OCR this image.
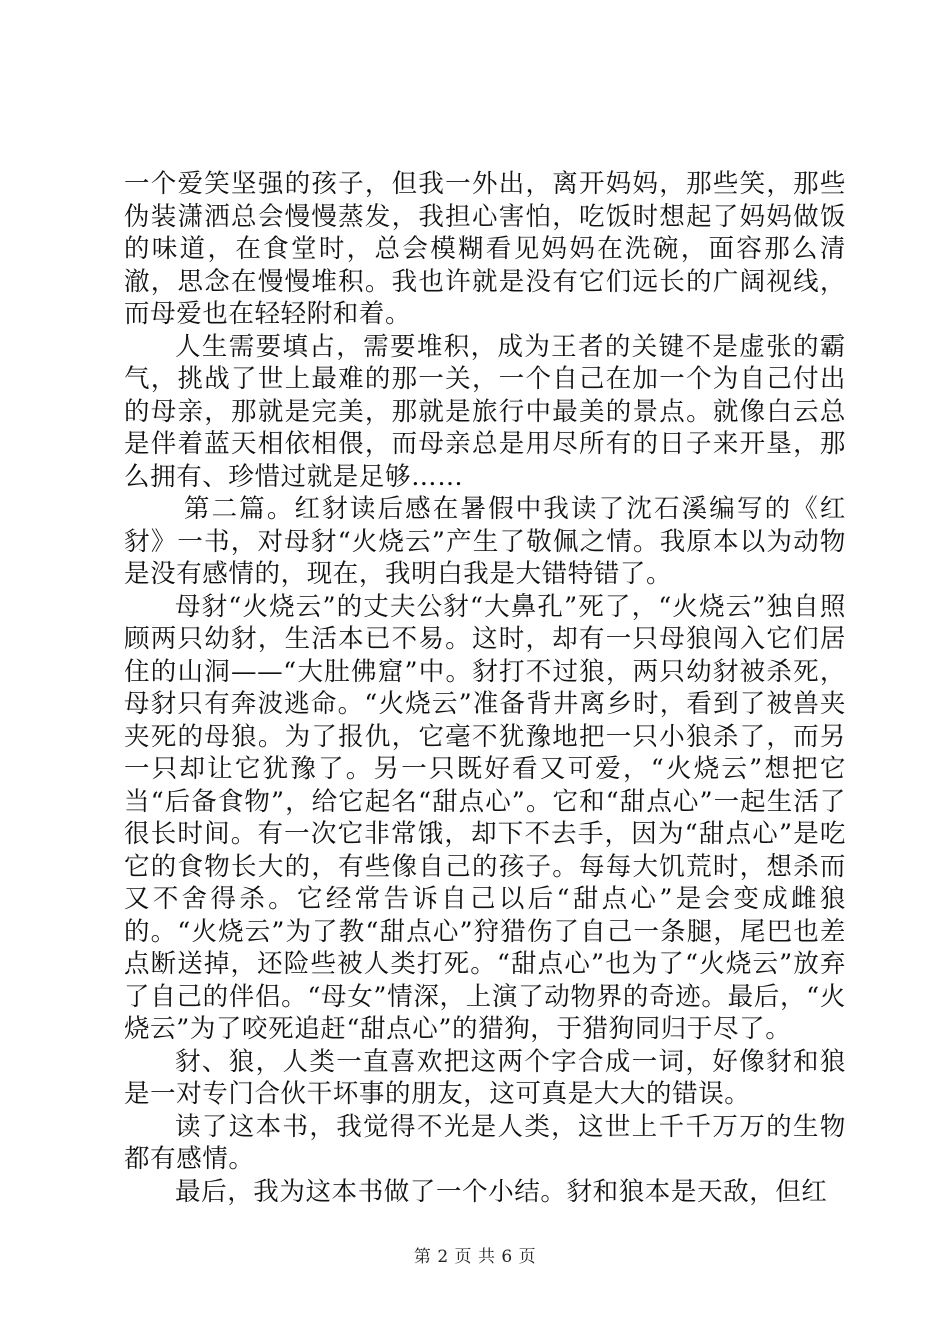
一个爱笑坚强的孩子，但我一外出，离开妈妈，那些笑，那些伪装潇洒总会慢慢蒸发，我担心害怕，吃饭时想起了妈妈做饭的味道，在食堂时，总会模糊看见妈妈在洗碗，面容那么清澈，思念在慢慢堆积。我也许就是没有它们远长的广阔视线，而母爱也在轻轻附和着。

人生需要填占，需要堆积，成为王者的关键不是虚张的霸气，挑战了世上最难的那一关，一个自己在加一个为自己付出的母亲，那就是完美，那就是旅行中最美的景点。就像白云总是伴着蓝天相依相偎，而母亲总是用尽所有的日子来开垦，那么拥有、珍惜过就是足够……

第二篇。红豺读后感在暑假中我读了沈石溪编写的《红豺》一书，对母豺“火烧云”产生了敬佩之情。我原本以为动物是没有感情的，现在，我明白我是大错特错了。

母豺“火烧云”的丈夫公豺“大鼻孔”死了，“火烧云”独自照顾两只幼豺，生活本已不易。这时，却有一只母狼闯入它们居住的山洞——“大肚佛窟”中。豺打不过狼，两只幼豺被杀死，母豺只有奔波逃命。“火烧云”准备背井离乡时，看到了被兽夹夹死的母狼。为了报仇，它毫不犹豫地把一只小狼杀了，而另一只却让它犹豫了。另一只既好看又可爱，“火烧云”想把它当“后备食物”，给它起名“甜点心”。它和“甜点心”一起生活了很长时间。有一次它非常饿，却下不去手，因为“甜点心”是吃它的食物长大的，有些像自己的孩子。每每大饥荒时，想杀而又不舍得杀。它经常告诉自己以后“甜点心”是会变成雌狼的。“火烧云”为了教“甜点心”狩猎伤了自己一条腿，尾巴也差点断送掉，还险些被人类打死。“甜点心”也为了“火烧云”放弃了自己的伴侣。“母女”情深，上演了动物界的奇迹。最后，“火烧云”为了咬死追赶“甜点心”的猎狗，于猎狗同归于尽了。

豺、狼，人类一直喜欢把这两个字合成一词，好像豺和狼是一对专门合伙干坏事的朋友，这可真是大大的错误。

读了这本书，我觉得不光是人类，这世上千千万万的生物都有感情。

最后，我为这本书做了一个小结。豺和狼本是天敌，但红

第 2 页 共 6 页
